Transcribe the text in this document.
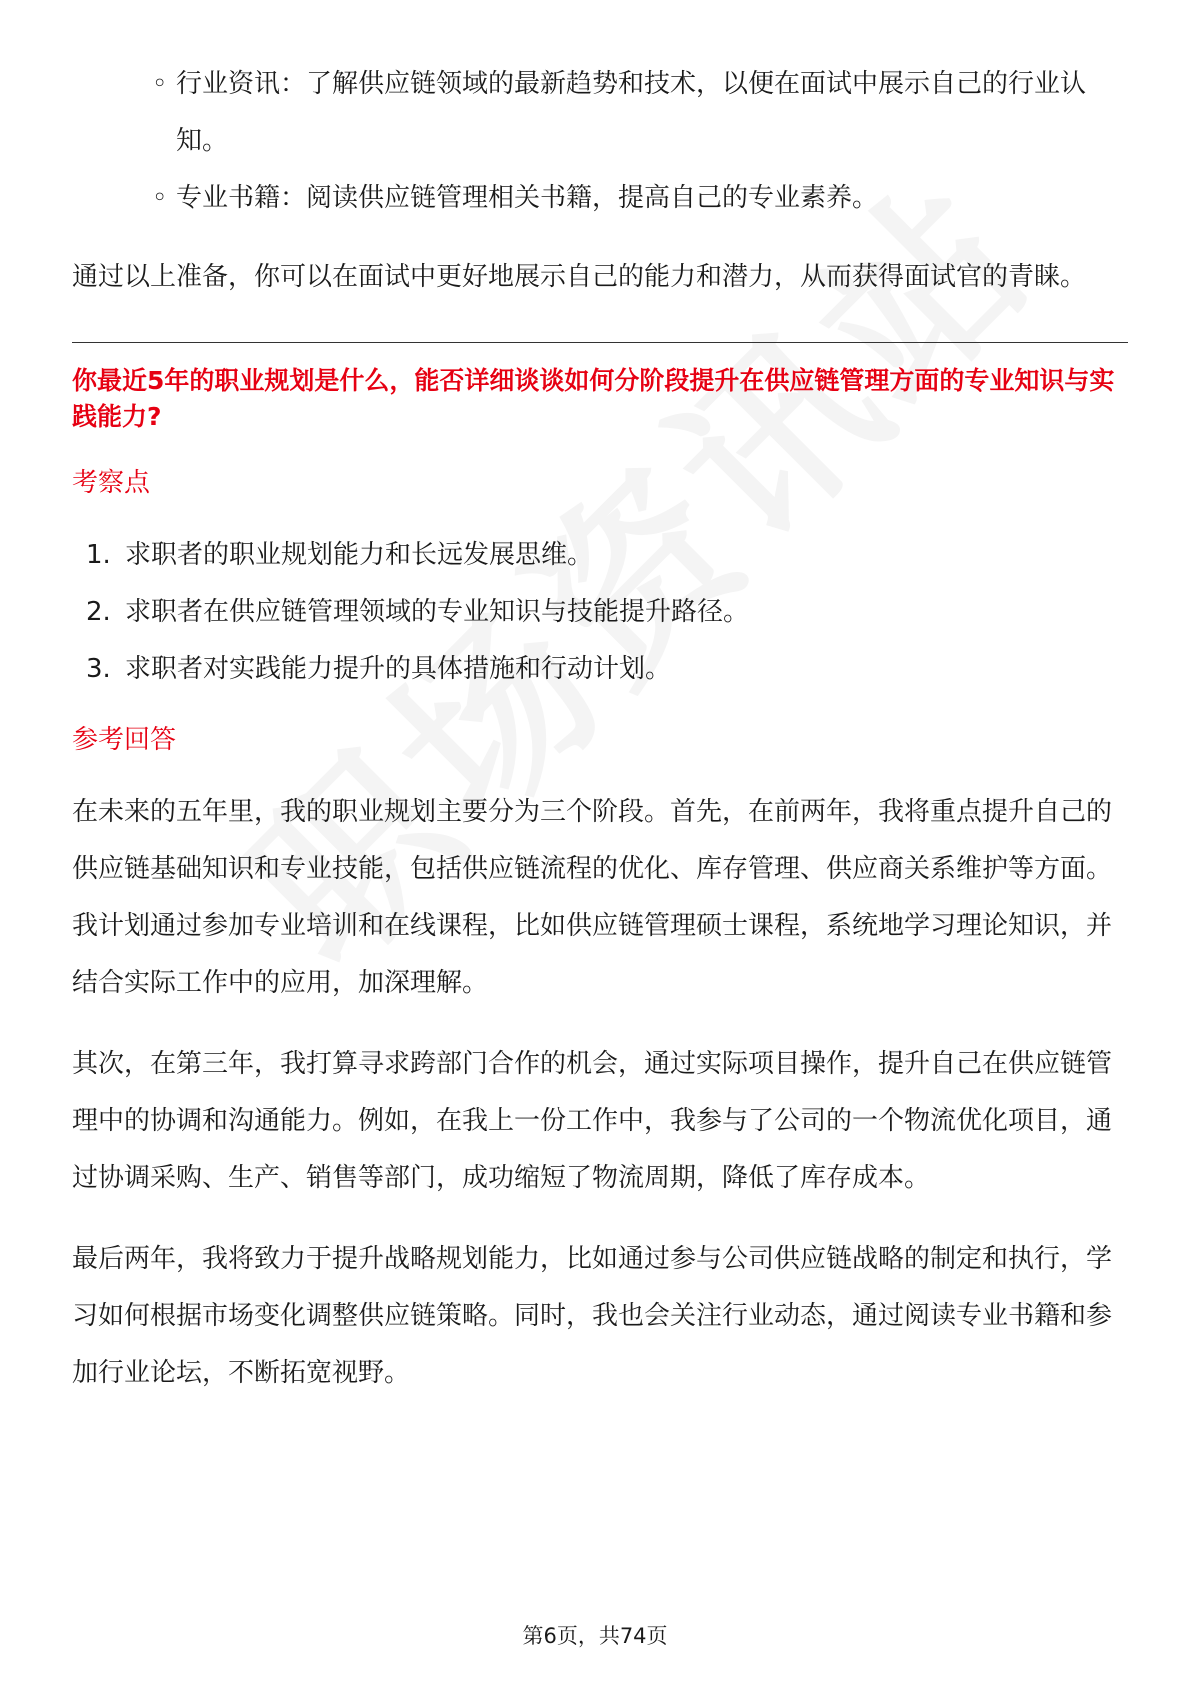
◦ 行业资讯：了解供应链领域的最新趋势和技术，以便在面试中展示自己的行业认知。
◦ 专业书籍：阅读供应链管理相关书籍，提高自己的专业素养。

通过以上准备，你可以在面试中更好地展示自己的能力和潜力，从而获得面试官的青睐。

你最近5年的职业规划是什么，能否详细谈谈如何分阶段提升在供应链管理方面的专业知识与实践能力?

考察点

1. 求职者的职业规划能力和长远发展思维。
2. 求职者在供应链管理领域的专业知识与技能提升路径。
3. 求职者对实践能力提升的具体措施和行动计划。

参考回答

在未来的五年里，我的职业规划主要分为三个阶段。首先，在前两年，我将重点提升自己的供应链基础知识和专业技能，包括供应链流程的优化、库存管理、供应商关系维护等方面。我计划通过参加专业培训和在线课程，比如供应链管理硕士课程，系统地学习理论知识，并结合实际工作中的应用，加深理解。

其次，在第三年，我打算寻求跨部门合作的机会，通过实际项目操作，提升自己在供应链管理中的协调和沟通能力。例如，在我上一份工作中，我参与了公司的一个物流优化项目，通过协调采购、生产、销售等部门，成功缩短了物流周期，降低了库存成本。

最后两年，我将致力于提升战略规划能力，比如通过参与公司供应链战略的制定和执行，学习如何根据市场变化调整供应链策略。同时，我也会关注行业动态，通过阅读专业书籍和参加行业论坛，不断拓宽视野。

第6页，共74页
